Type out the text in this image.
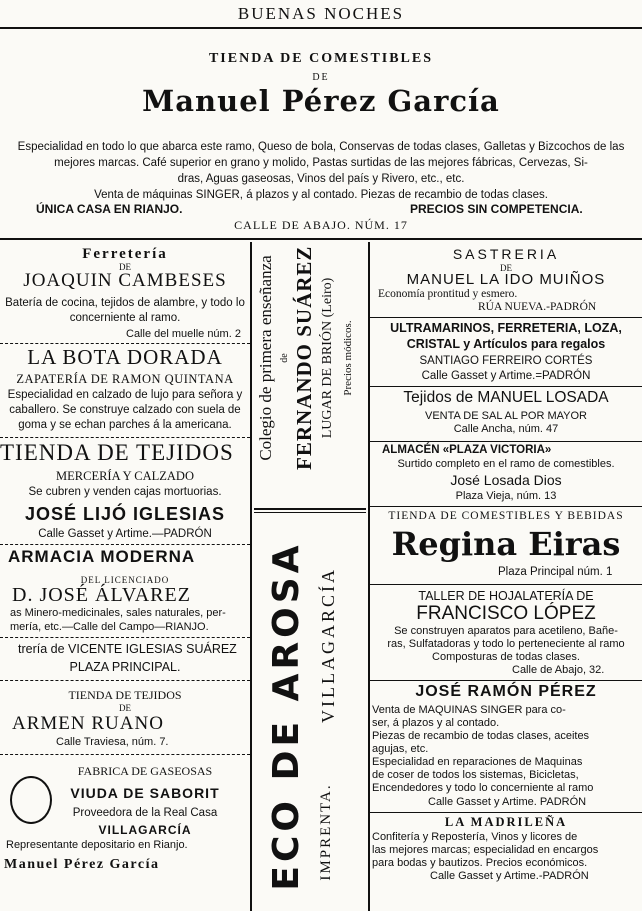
BUENAS NOCHES
TIENDA DE COMESTIBLES
DE
Manuel Pérez García
Especialidad en todo lo que abarca este ramo, Queso de bola, Conservas de todas clases, Galletas y Bizcochos de las
mejores marcas. Café superior en grano y molido, Pastas surtidas de las mejores fábricas, Cervezas, Si-
dras, Aguas gaseosas, Vinos del país y Rivero, etc., etc.
Venta de máquinas SINGER, á plazos y al contado. Piezas de recambio de todas clases.
ÚNICA CASA EN RIANJO.	PRECIOS SIN COMPETENCIA.
CALLE DE ABAJO. NÚM. 17
Ferretería
DE
JOAQUIN CAMBESES
Batería de cocina, tejidos de alambre, y todo lo
concerniente al ramo.
Calle del muelle núm. 2
LA BOTA DORADA
ZAPATERÍA DE RAMON QUINTANA
Especialidad en calzado de lujo para señora y
caballero. Se construye calzado con suela de
goma y se echan parches á la americana.
TIENDA DE TEJIDOS
MERCERÍA Y CALZADO
Se cubren y venden cajas mortuorias.
JOSÉ LIJÓ IGLESIAS
Calle Gasset y Artime.—PADRÓN
ARMACIA MODERNA
DEL LICENCIADO
D. JOSÉ ÁLVAREZ
as Minero-medicinales, sales naturales, per-
mería, etc.—Calle del Campo—RIANJO.
trería de VICENTE IGLESIAS SUÁREZ
PLAZA PRINCIPAL.
TIENDA DE TEJIDOS
DE
ARMEN RUANO
Calle Traviesa, núm. 7.
FABRICA DE GASEOSAS
VIUDA DE SABORIT
Proveedora de la Real Casa
VILLAGARCÍA
Representante depositario en Rianjo.
Manuel Pérez García
Colegio de primera enseñanza de FERNANDO SUÁREZ LUGAR DE BRIÓN (Leiro) Precios módicos.
ECO DE AROSA VILLAGARCÍA
IMPRENTA.
SASTRERIA
DE
MANUEL LA IDO MUIÑOS
Economía prontitud y esmero.
RÚA NUEVA.-PADRÓN
ULTRAMARINOS, FERRETERIA, LOZA,
CRISTAL y Artículos para regalos
SANTIAGO FERREIRO CORTÉS
Calle Gasset y Artime.=PADRÓN
Tejidos de MANUEL LOSADA
VENTA DE SAL AL POR MAYOR
Calle Ancha, núm. 47
ALMACÉN «PLAZA VICTORIA»
Surtido completo en el ramo de comestibles.
José Losada Dios
Plaza Vieja, núm. 13
TIENDA DE COMESTIBLES Y BEBIDAS
Regina Eiras
Plaza Principal núm. 1
TALLER DE HOJALATERÍA DE
FRANCISCO LÓPEZ
Se construyen aparatos para acetileno, Bañe-
ras, Sulfatadoras y todo lo perteneciente al ramo
Composturas de todas clases.
Calle de Abajo, 32.
JOSÉ RAMÓN PÉREZ
Venta de MAQUINAS SINGER para co-
ser, á plazos y al contado.
Piezas de recambio de todas clases, aceites
agujas, etc.
Especialidad en reparaciones de Maquinas
de coser de todos los sistemas, Bicicletas,
Encendedores y todo lo concerniente al ramo
Calle Gasset y Artime. PADRÓN
LA MADRILEÑA
Confitería y Repostería, Vinos y licores de
las mejores marcas; especialidad en encargos
para bodas y bautizos. Precios económicos.
Calle Gasset y Artime.-PADRÓN
